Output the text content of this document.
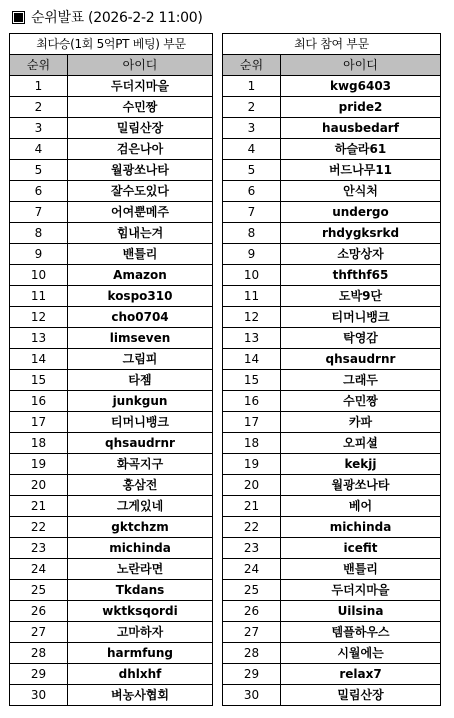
순위발표 (2026-2-2 11:00)
최다승(1회 5억PT 베팅) 부문	
순위	아이디
1	두더지마을
2	수민짱
3	밀림산장
4	검은나아
5	월광쏘나타
6	잘수도있다
7	어여뿐메주
8	힘내는겨
9	밴틀리
10	Amazon
11	kospo310
12	cho0704
13	limseven
14	그림피
15	타젬
16	junkgun
17	티머니뱅크
18	qhsaudrnr
19	화곡지구
20	홍삼전
21	그게있네
22	gktchzm
23	michinda
24	노란라면
25	Tkdans
26	wktksqordi
27	고마하자
28	harmfung
29	dhlxhf
30	벼농사협회
최다 참여 부문	
순위	아이디
1	kwg6403
2	pride2
3	hausbedarf
4	하슬라61
5	버드나무11
6	안식처
7	undergo
8	rhdygksrkd
9	소망상자
10	thfthf65
11	도박9단
12	티머니뱅크
13	탁영감
14	qhsaudrnr
15	그래두
16	수민짱
17	카파
18	오피셜
19	kekjj
20	월광쏘나타
21	베어
22	michinda
23	icefit
24	밴틀리
25	두더지마을
26	Uilsina
27	템플하우스
28	시월에는
29	relax7
30	밀림산장
